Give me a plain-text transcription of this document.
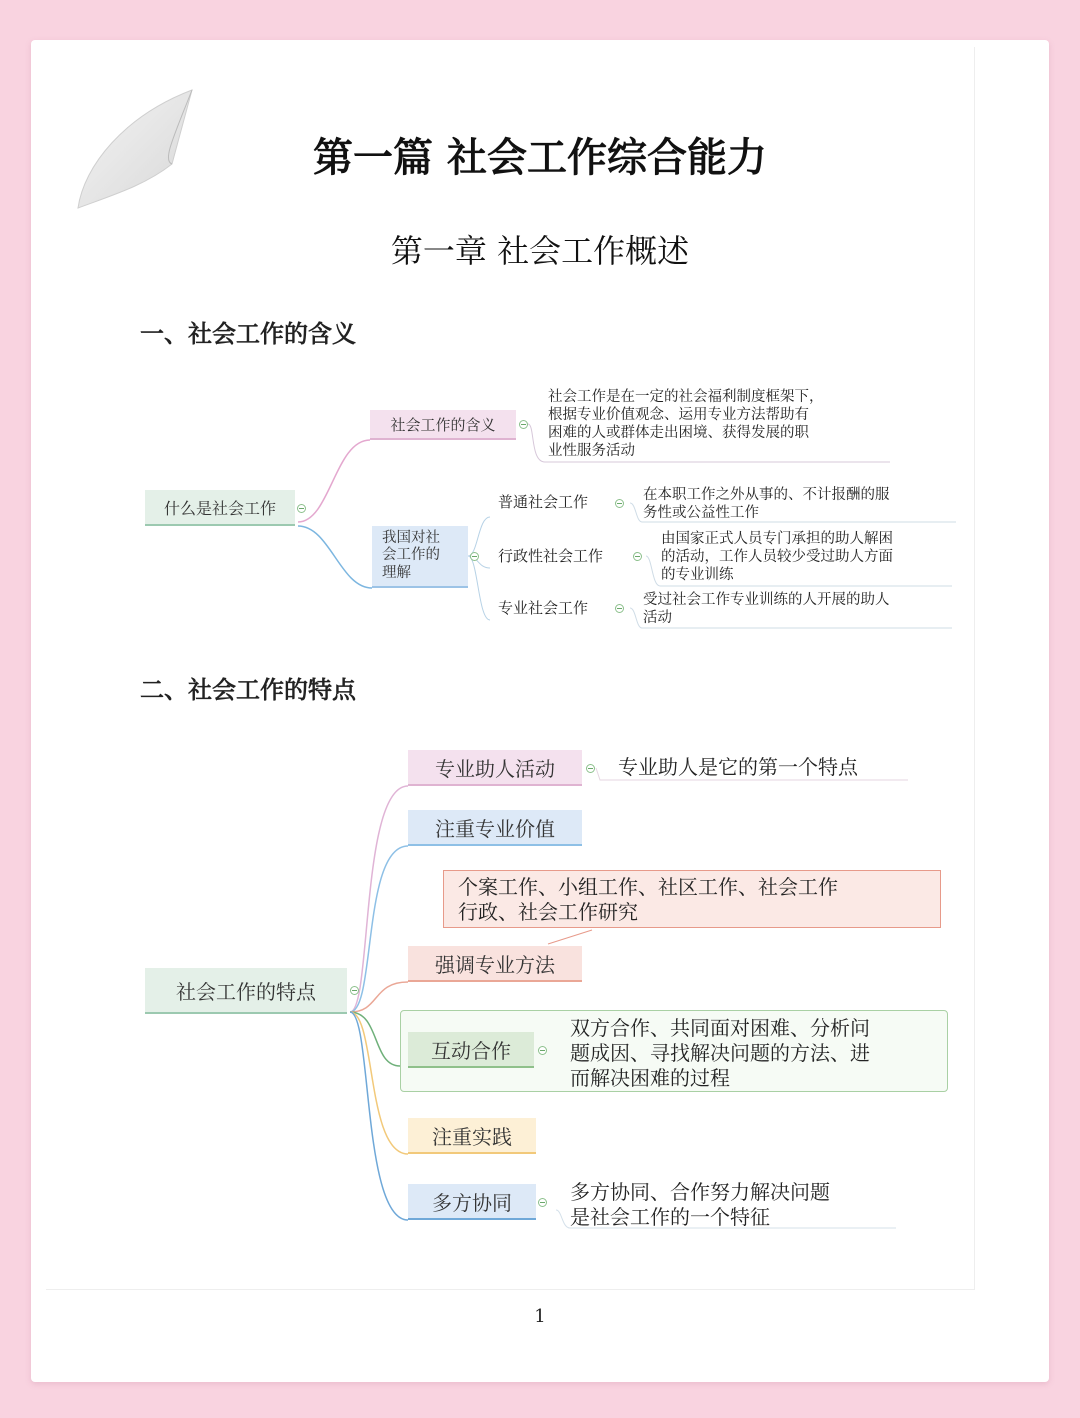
第一篇 社会工作综合能力
第一章 社会工作概述
一、社会工作的含义
什么是社会工作
社会工作的含义
社会工作是在一定的社会福利制度框架下，
根据专业价值观念、运用专业方法帮助有
困难的人或群体走出困境、获得发展的职
业性服务活动
我国对社
会工作的
理解
普通社会工作	在本职工作之外从事的、不计报酬的服
务性或公益性工作
行政性社会工作
由国家正式人员专门承担的助人解困
的活动，工作人员较少受过助人方面
的专业训练
专业社会工作	受过社会工作专业训练的人开展的助人
活动
二、社会工作的特点
社会工作的特点
专业助人活动	专业助人是它的第一个特点
注重专业价值
个案工作、小组工作、社区工作、社会工作
行政、社会工作研究
强调专业方法
互动合作
双方合作、共同面对困难、分析问
题成因、寻找解决问题的方法、进
而解决困难的过程
注重实践
多方协同	多方协同、合作努力解决问题
是社会工作的一个特征
1
